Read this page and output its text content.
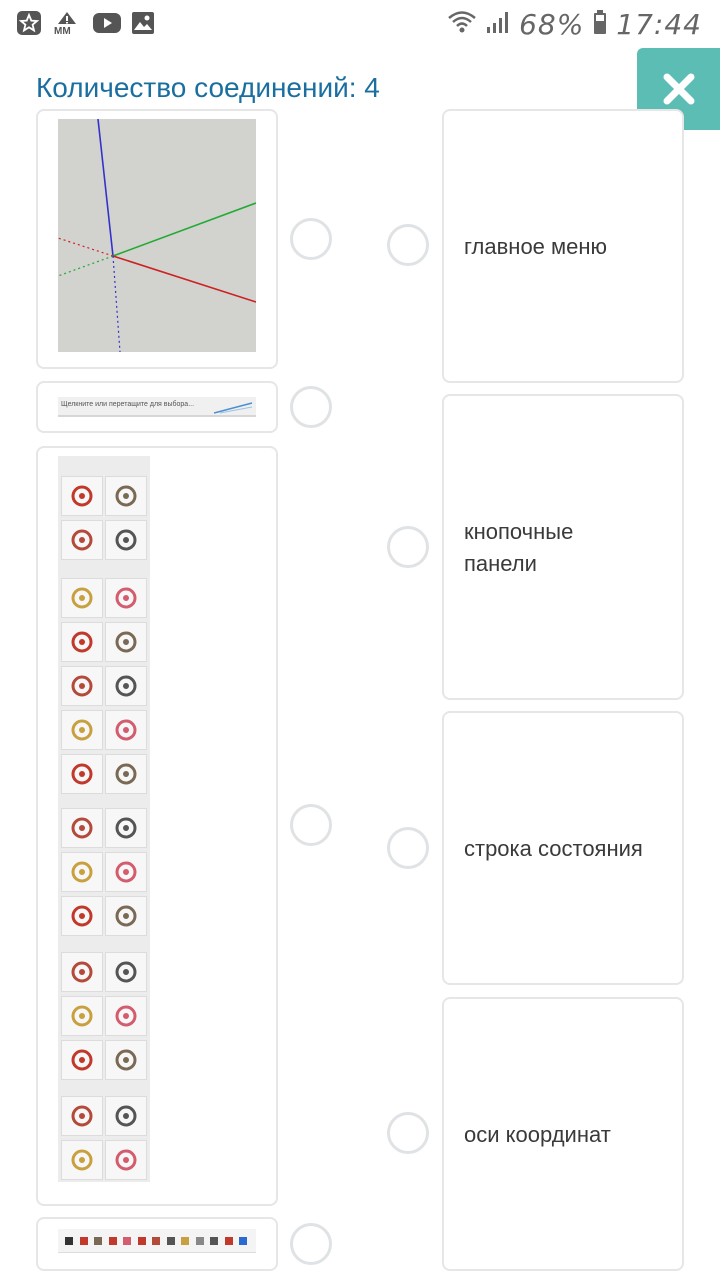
MM	68% 17:44
Количество соединений: 4
Щелкните или перетащите для выбора...
главное меню
кнопочные
панели
строка состояния
оси координат
